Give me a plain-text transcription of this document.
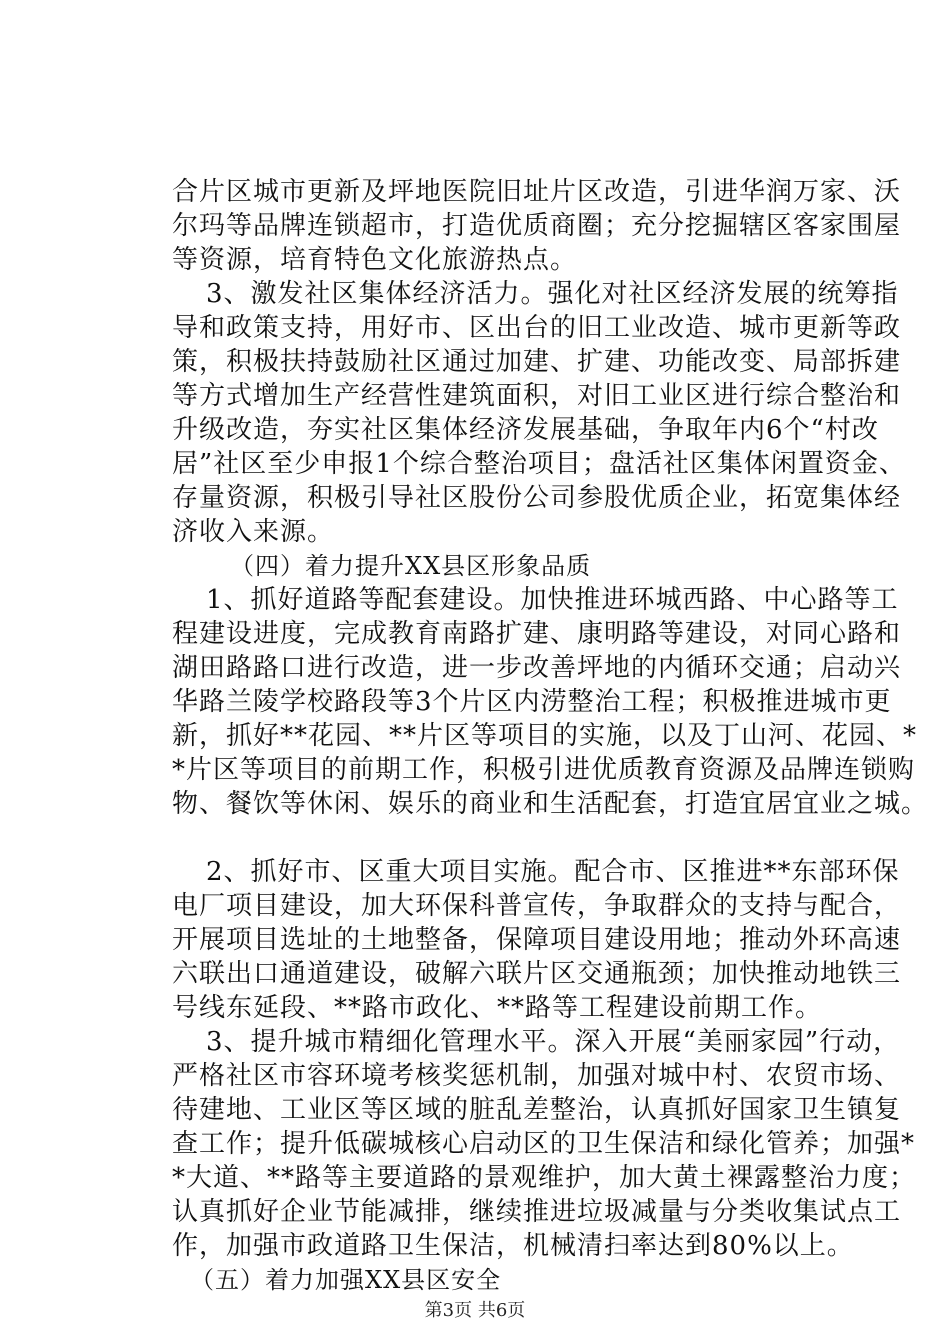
合片区城市更新及坪地医院旧址片区改造，引进华润万家、沃
尔玛等品牌连锁超市，打造优质商圈；充分挖掘辖区客家围屋
等资源，培育特色文化旅游热点。
3、激发社区集体经济活力。强化对社区经济发展的统筹指
导和政策支持，用好市、区出台的旧工业改造、城市更新等政
策，积极扶持鼓励社区通过加建、扩建、功能改变、局部拆建
等方式增加生产经营性建筑面积，对旧工业区进行综合整治和
升级改造，夯实社区集体经济发展基础，争取年内6个“村改
居”社区至少申报1个综合整治项目；盘活社区集体闲置资金、
存量资源，积极引导社区股份公司参股优质企业，拓宽集体经
济收入来源。
（四）着力提升XX县区形象品质
1、抓好道路等配套建设。加快推进环城西路、中心路等工
程建设进度，完成教育南路扩建、康明路等建设，对同心路和
湖田路路口进行改造，进一步改善坪地的内循环交通；启动兴
华路兰陵学校路段等3个片区内涝整治工程；积极推进城市更
新，抓好**花园、**片区等项目的实施，以及丁山河、花园、*
*片区等项目的前期工作，积极引进优质教育资源及品牌连锁购
物、餐饮等休闲、娱乐的商业和生活配套，打造宜居宜业之城。
2、抓好市、区重大项目实施。配合市、区推进**东部环保
电厂项目建设，加大环保科普宣传，争取群众的支持与配合，
开展项目选址的土地整备，保障项目建设用地；推动外环高速
六联出口通道建设，破解六联片区交通瓶颈；加快推动地铁三
号线东延段、**路市政化、**路等工程建设前期工作。
3、提升城市精细化管理水平。深入开展“美丽家园”行动，
严格社区市容环境考核奖惩机制，加强对城中村、农贸市场、
待建地、工业区等区域的脏乱差整治，认真抓好国家卫生镇复
查工作；提升低碳城核心启动区的卫生保洁和绿化管养；加强*
*大道、**路等主要道路的景观维护，加大黄土裸露整治力度；
认真抓好企业节能减排，继续推进垃圾减量与分类收集试点工
作，加强市政道路卫生保洁，机械清扫率达到80%以上。
（五）着力加强XX县区安全
第3页 共6页
